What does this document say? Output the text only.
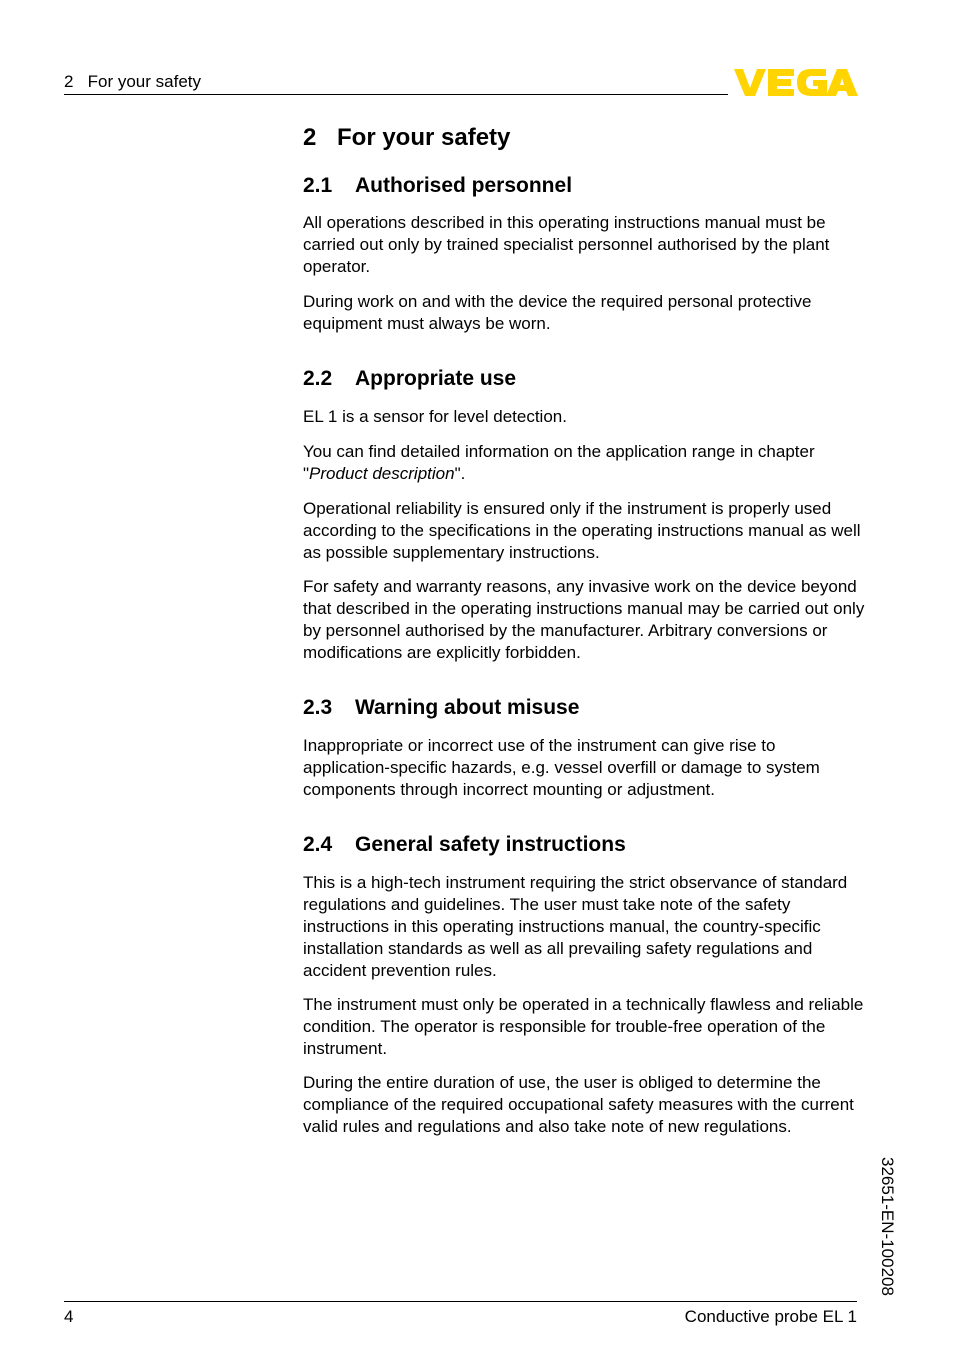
2   For your safety
2 For your safety
2.1 Authorised personnel

All operations described in this operating instructions manual must be carried out only by trained specialist personnel authorised by the plant operator.

During work on and with the device the required personal protective equipment must always be worn.

2.2 Appropriate use

EL 1 is a sensor for level detection.

You can find detailed information on the application range in chapter "Product description".

Operational reliability is ensured only if the instrument is properly used according to the specifications in the operating instructions manual as well as possible supplementary instructions.

For safety and warranty reasons, any invasive work on the device beyond that described in the operating instructions manual may be carried out only by personnel authorised by the manufacturer. Arbitrary conversions or modifications are explicitly forbidden.

2.3 Warning about misuse

Inappropriate or incorrect use of the instrument can give rise to application-specific hazards, e.g. vessel overfill or damage to system components through incorrect mounting or adjustment.

2.4 General safety instructions

This is a high-tech instrument requiring the strict observance of standard regulations and guidelines. The user must take note of the safety instructions in this operating instructions manual, the country-specific installation standards as well as all prevailing safety regulations and accident prevention rules.

The instrument must only be operated in a technically flawless and reliable condition. The operator is responsible for trouble-free operation of the instrument.

During the entire duration of use, the user is obliged to determine the compliance of the required occupational safety measures with the current valid rules and regulations and also take note of new regulations.

32651-EN-100208
4	Conductive probe EL 1
